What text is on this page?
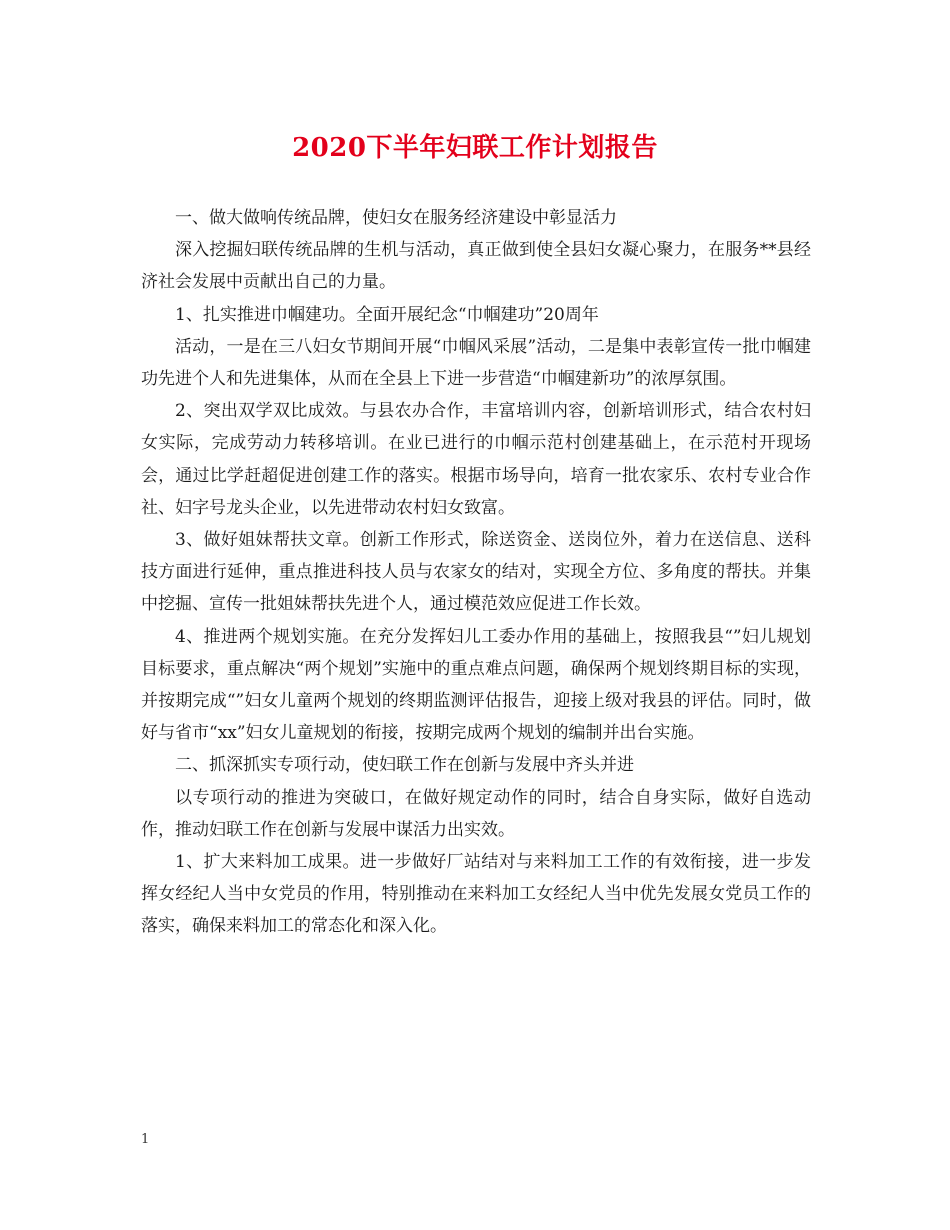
2020下半年妇联工作计划报告

一、做大做响传统品牌，使妇女在服务经济建设中彰显活力

深入挖掘妇联传统品牌的生机与活动，真正做到使全县妇女凝心聚力，在服务**县经济社会发展中贡献出自己的力量。

1、扎实推进巾帼建功。全面开展纪念“巾帼建功”20周年

活动，一是在三八妇女节期间开展“巾帼风采展”活动，二是集中表彰宣传一批巾帼建功先进个人和先进集体，从而在全县上下进一步营造“巾帼建新功”的浓厚氛围。

2、突出双学双比成效。与县农办合作，丰富培训内容，创新培训形式，结合农村妇女实际，完成劳动力转移培训。在业已进行的巾帼示范村创建基础上，在示范村开现场会，通过比学赶超促进创建工作的落实。根据市场导向，培育一批农家乐、农村专业合作社、妇字号龙头企业，以先进带动农村妇女致富。

3、做好姐妹帮扶文章。创新工作形式，除送资金、送岗位外，着力在送信息、送科技方面进行延伸，重点推进科技人员与农家女的结对，实现全方位、多角度的帮扶。并集中挖掘、宣传一批姐妹帮扶先进个人，通过模范效应促进工作长效。

4、推进两个规划实施。在充分发挥妇儿工委办作用的基础上，按照我县“”妇儿规划目标要求，重点解决“两个规划”实施中的重点难点问题，确保两个规划终期目标的实现，并按期完成“”妇女儿童两个规划的终期监测评估报告，迎接上级对我县的评估。同时，做好与省市“xx”妇女儿童规划的衔接，按期完成两个规划的编制并出台实施。

二、抓深抓实专项行动，使妇联工作在创新与发展中齐头并进

以专项行动的推进为突破口，在做好规定动作的同时，结合自身实际，做好自选动作，推动妇联工作在创新与发展中谋活力出实效。

1、扩大来料加工成果。进一步做好厂站结对与来料加工工作的有效衔接，进一步发挥女经纪人当中女党员的作用，特别推动在来料加工女经纪人当中优先发展女党员工作的落实，确保来料加工的常态化和深入化。

1
